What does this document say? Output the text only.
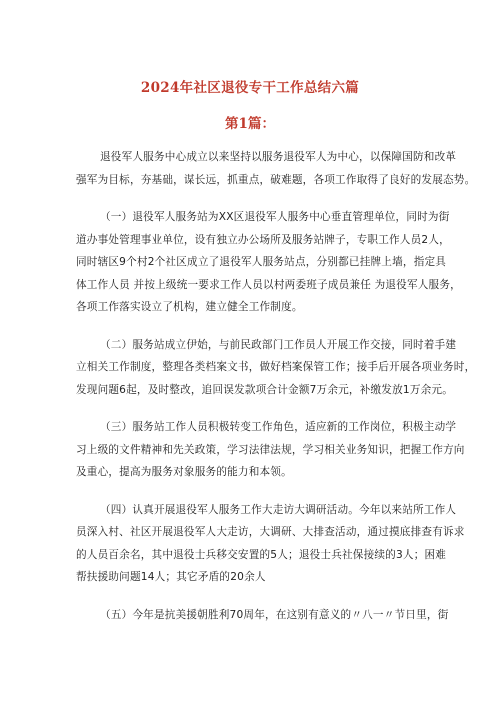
2024年社区退役专干工作总结六篇
第1篇：
退役军人服务中心成立以来坚持以服务退役军人为中心，以保障国防和改革
强军为目标，夯基础，谋长远，抓重点，破难题，各项工作取得了良好的发展态势。
（一）退役军人服务站为XX区退役军人服务中心垂直管理单位，同时为街
道办事处管理事业单位，设有独立办公场所及服务站牌子，专职工作人员2人，
同时辖区9个村2个社区成立了退役军人服务站点，分别都已挂牌上墙，指定具
体工作人员 并按上级统一要求工作人员以村两委班子成员兼任 为退役军人服务，
各项工作落实设立了机构，建立健全工作制度。
（二）服务站成立伊始，与前民政部门工作员人开展工作交接，同时着手建
立相关工作制度，整理各类档案文书，做好档案保管工作；接手后开展各项业务时，
发现问题6起，及时整改，追回误发款项合计金额7万余元，补缴发放1万余元。
（三）服务站工作人员积极转变工作角色，适应新的工作岗位，积极主动学
习上级的文件精神和先关政策，学习法律法规，学习相关业务知识，把握工作方向
及重心，提高为服务对象服务的能力和本领。
（四）认真开展退役军人服务工作大走访大调研活动。今年以来站所工作人
员深入村、社区开展退役军人大走访，大调研、大排查活动，通过摸底排查有诉求
的人员百余名，其中退役士兵移交安置的5人；退役士兵社保接续的3人；困难
帮扶援助问题14人；其它矛盾的20余人
（五）今年是抗美援朝胜利70周年，在这别有意义的〃八一〃节日里，街
